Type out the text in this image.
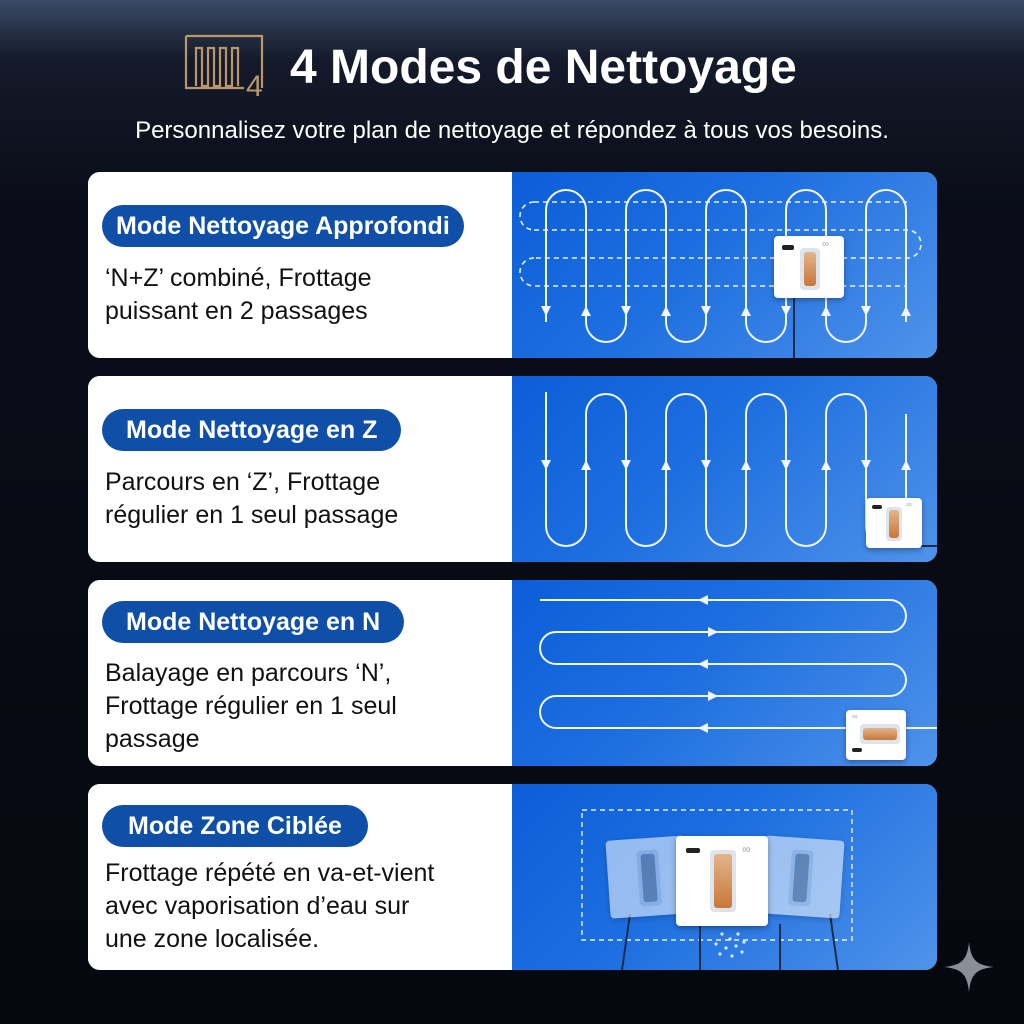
4 4 Modes de Nettoyage
Personnalisez votre plan de nettoyage et répondez à tous vos besoins.
Mode Nettoyage Approfondi
‘N+Z’ combiné, Frottage
puissant en 2 passages
∞
Mode Nettoyage en Z
Parcours en ‘Z’, Frottage
régulier en 1 seul passage	∞
Mode Nettoyage en N
Balayage en parcours ‘N’,
Frottage régulier en 1 seul
passage
∞
Mode Zone Ciblée
Frottage répété en va-et-vient
avec vaporisation d’eau sur
une zone localisée.
∞
